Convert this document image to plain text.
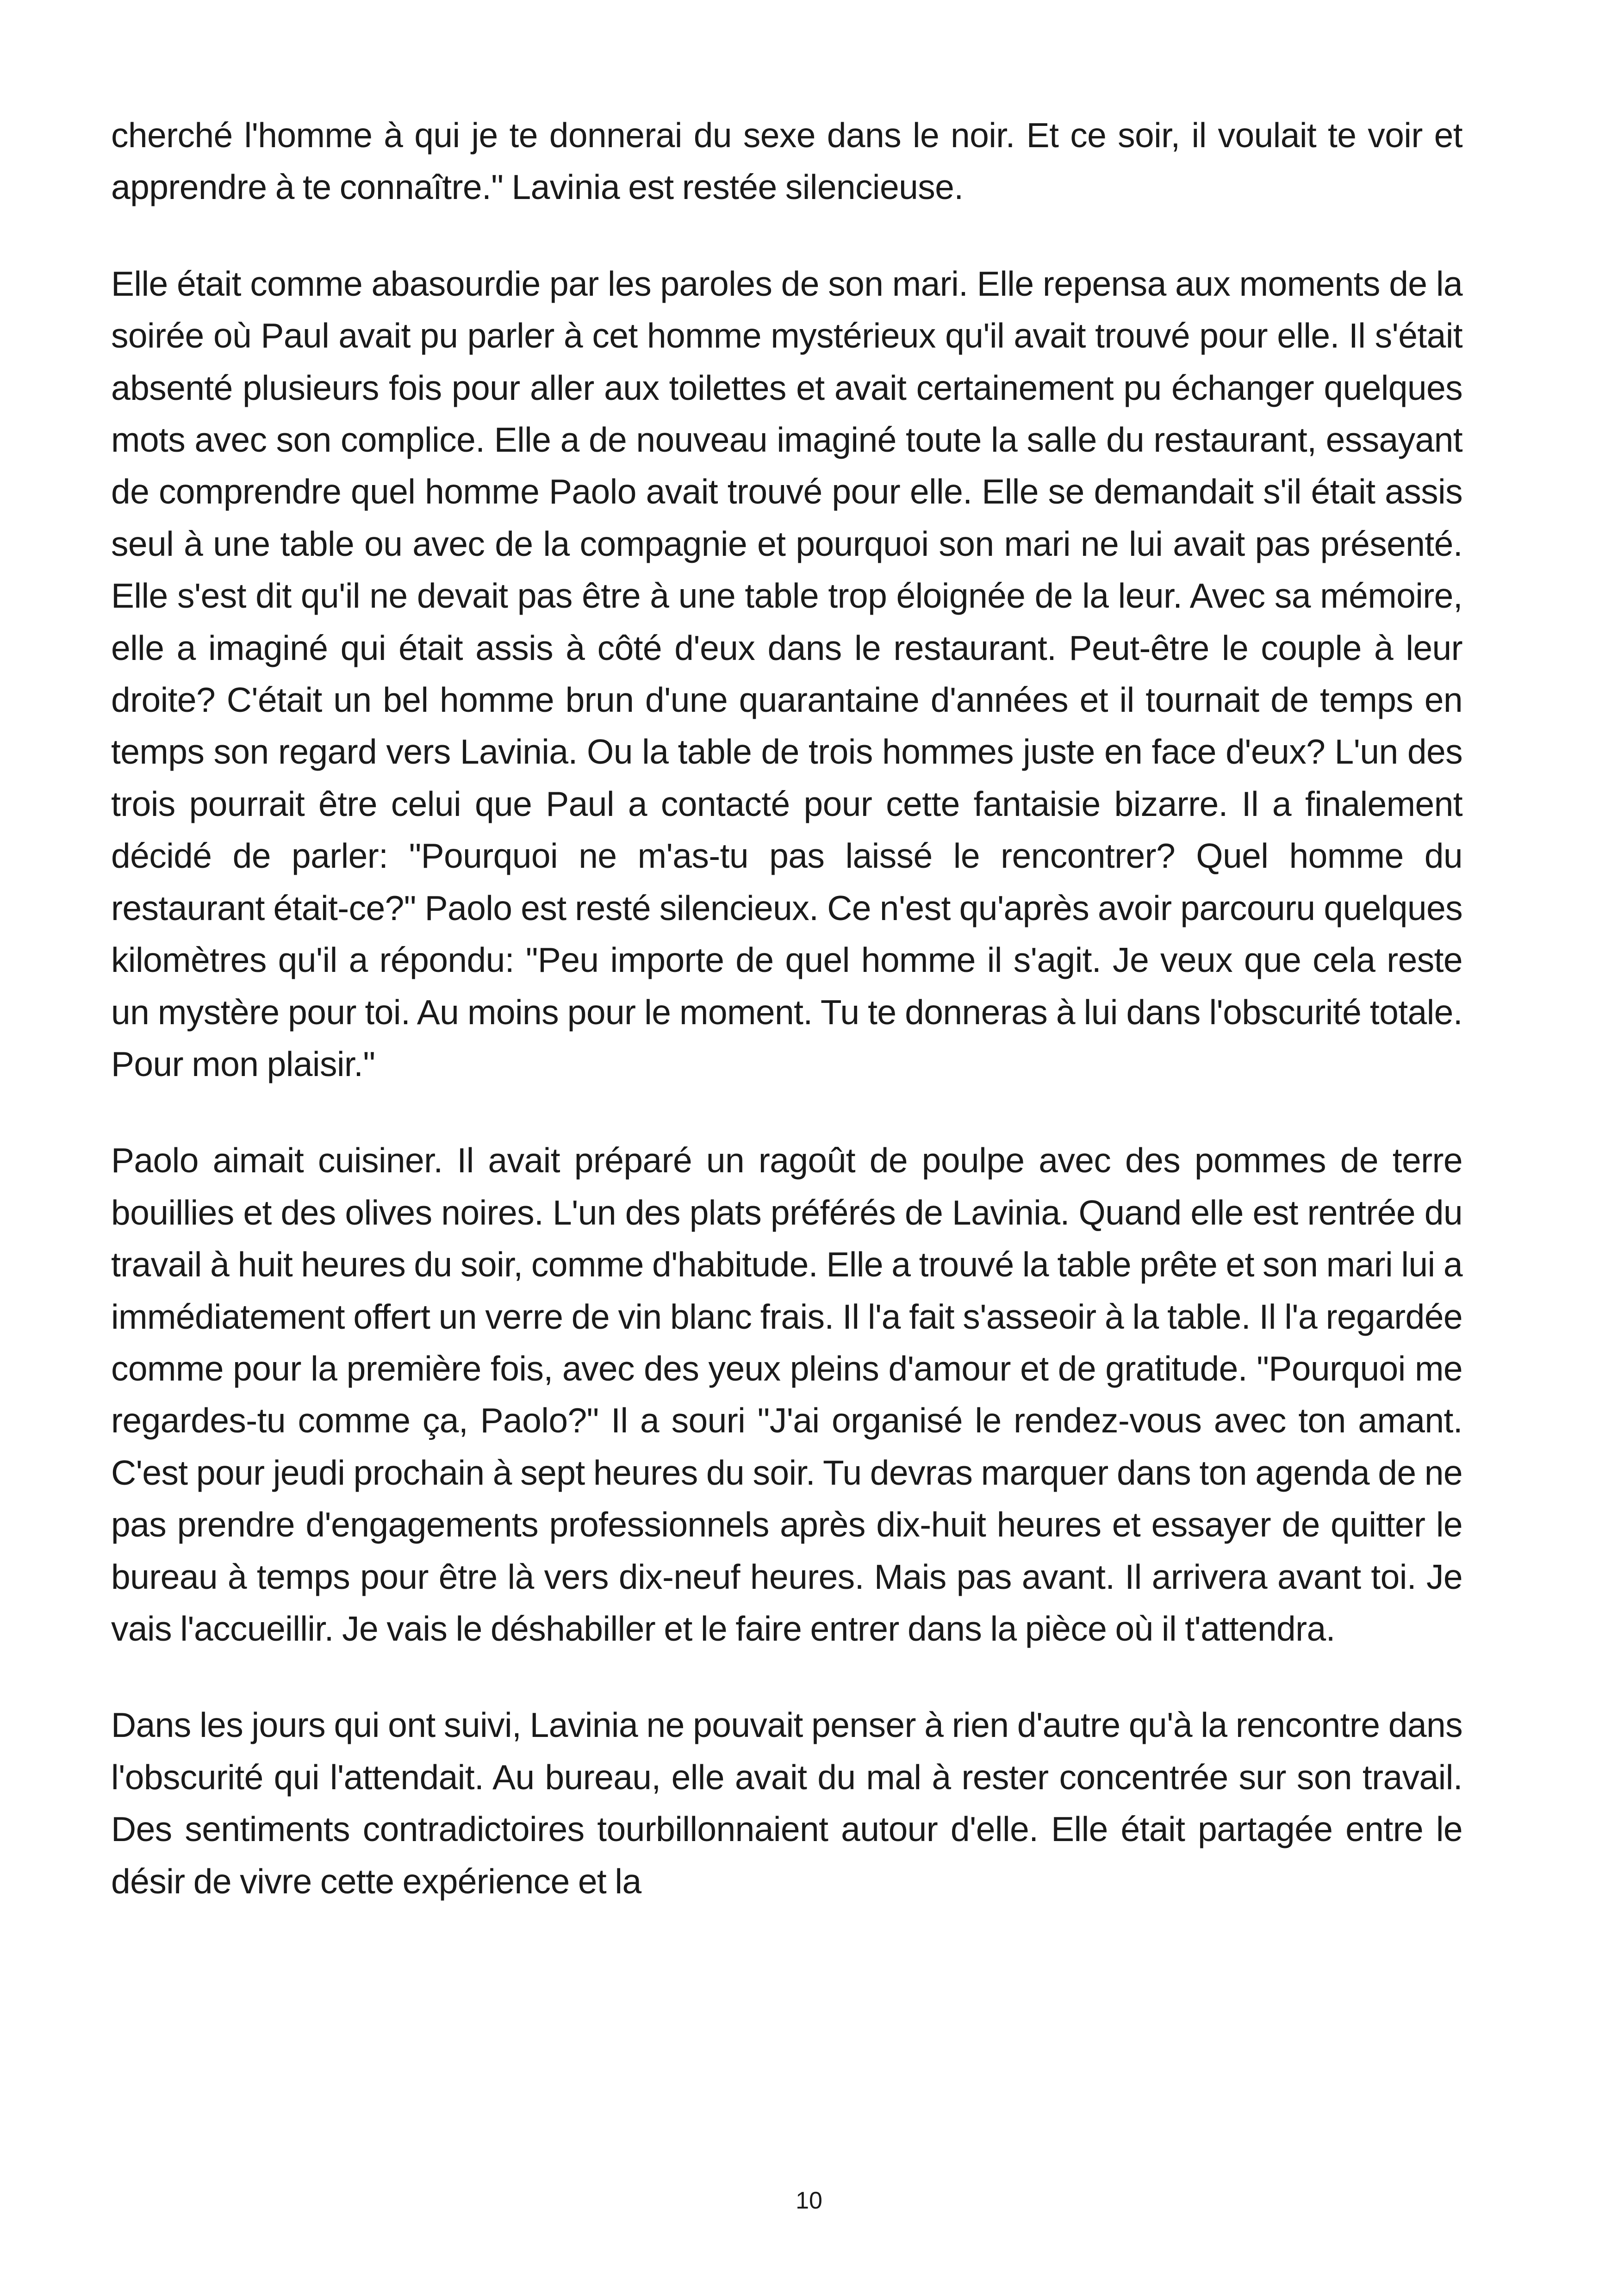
cherché l'homme à qui je te donnerai du sexe dans le noir. Et ce soir, il voulait te voir et apprendre à te connaître." Lavinia est restée silencieuse.

Elle était comme abasourdie par les paroles de son mari. Elle repensa aux moments de la soirée où Paul avait pu parler à cet homme mystérieux qu'il avait trouvé pour elle. Il s'était absenté plusieurs fois pour aller aux toilettes et avait certainement pu échanger quelques mots avec son complice. Elle a de nouveau imaginé toute la salle du restaurant, essayant de comprendre quel homme Paolo avait trouvé pour elle. Elle se demandait s'il était assis seul à une table ou avec de la compagnie et pourquoi son mari ne lui avait pas présenté. Elle s'est dit qu'il ne devait pas être à une table trop éloignée de la leur. Avec sa mémoire, elle a imaginé qui était assis à côté d'eux dans le restaurant. Peut-être le couple à leur droite? C'était un bel homme brun d'une quarantaine d'années et il tournait de temps en temps son regard vers Lavinia. Ou la table de trois hommes juste en face d'eux? L'un des trois pourrait être celui que Paul a contacté pour cette fantaisie bizarre. Il a finalement décidé de parler: "Pourquoi ne m'as-tu pas laissé le rencontrer? Quel homme du restaurant était-ce?" Paolo est resté silencieux. Ce n'est qu'après avoir parcouru quelques kilomètres qu'il a répondu: "Peu importe de quel homme il s'agit. Je veux que cela reste un mystère pour toi. Au moins pour le moment. Tu te donneras à lui dans l'obscurité totale. Pour mon plaisir."

Paolo aimait cuisiner. Il avait préparé un ragoût de poulpe avec des pommes de terre bouillies et des olives noires. L'un des plats préférés de Lavinia. Quand elle est rentrée du travail à huit heures du soir, comme d'habitude. Elle a trouvé la table prête et son mari lui a immédiatement offert un verre de vin blanc frais. Il l'a fait s'asseoir à la table. Il l'a regardée comme pour la première fois, avec des yeux pleins d'amour et de gratitude. "Pourquoi me regardes-tu comme ça, Paolo?" Il a souri "J'ai organisé le rendez-vous avec ton amant. C'est pour jeudi prochain à sept heures du soir. Tu devras marquer dans ton agenda de ne pas prendre d'engagements professionnels après dix-huit heures et essayer de quitter le bureau à temps pour être là vers dix-neuf heures. Mais pas avant. Il arrivera avant toi. Je vais l'accueillir. Je vais le déshabiller et le faire entrer dans la pièce où il t'attendra.

Dans les jours qui ont suivi, Lavinia ne pouvait penser à rien d'autre qu'à la rencontre dans l'obscurité qui l'attendait. Au bureau, elle avait du mal à rester concentrée sur son travail. Des sentiments contradictoires tourbillonnaient autour d'elle. Elle était partagée entre le désir de vivre cette expérience et la

10
